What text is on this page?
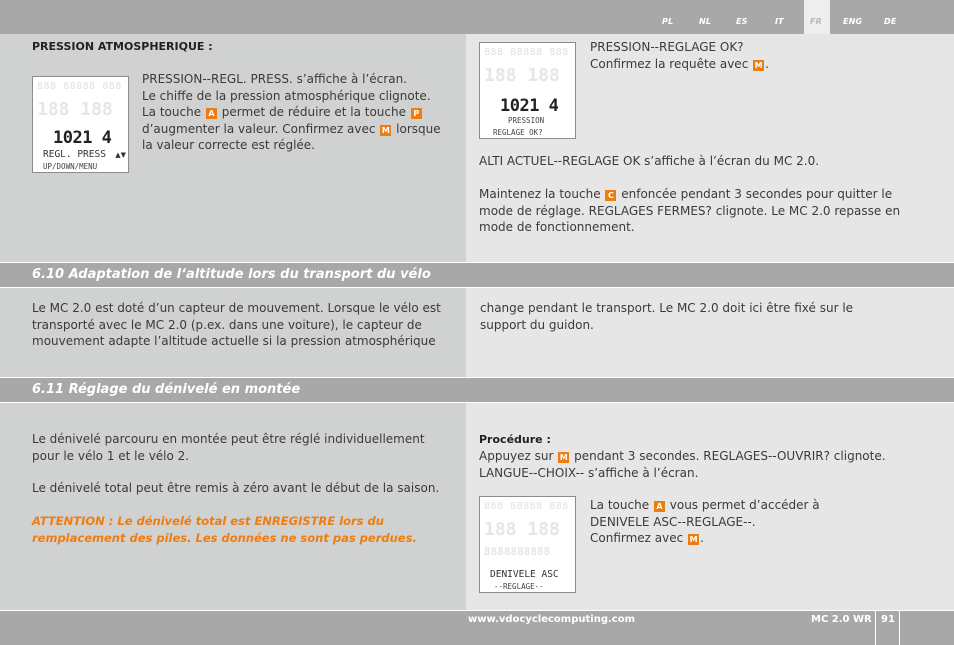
PL	NL	ES	IT	FR	ENG	DE
PRESSION ATMOSPHERIQUE :
888 88888 888
188 188
1021 4
REGL. PRESS
UP/DOWN/MENU
▲▼
PRESSION--REGL. PRESS. s’affiche à l’écran.
Le chiffe de la pression atmosphérique clignote.
La touche A permet de réduire et la touche P
d’augmenter la valeur. Confirmez avec M lorsque
la valeur correcte est réglée.
888 88888 888
188 188
1021 4
PRESSION
REGLAGE OK?
PRESSION--REGLAGE OK?
Confirmez la requête avec M .
ALTI ACTUEL--REGLAGE OK s’affiche à l’écran du MC 2.0.
Maintenez la touche C enfoncée pendant 3 secondes pour quitter le
mode de réglage. REGLAGES FERMES? clignote. Le MC 2.0 repasse en
mode de fonctionnement.
6.10 Adaptation de l‘altitude lors du transport du vélo
Le MC 2.0 est doté d’un capteur de mouvement. Lorsque le vélo est
transporté avec le MC 2.0 (p.ex. dans une voiture), le capteur de
mouvement adapte l’altitude actuelle si la pression atmosphérique
change pendant le transport. Le MC 2.0 doit ici être fixé sur le
support du guidon.
6.11 Réglage du dénivelé en montée
Le dénivelé parcouru en montée peut être réglé individuellement
pour le vélo 1 et le vélo 2.
Le dénivelé total peut être remis à zéro avant le début de la saison.
ATTENTION : Le dénivelé total est ENREGISTRE lors du
remplacement des piles. Les données ne sont pas perdues.
Procédure :
Appuyez sur M pendant 3 secondes. REGLAGES--OUVRIR? clignote.
LANGUE--CHOIX-- s’affiche à l’écran.
888 88888 888
188 188
8888888888
DENIVELE ASC
--REGLAGE--
La touche A vous permet d’accéder à
DENIVELE ASC--REGLAGE--.
Confirmez avec M .
www.vdocyclecomputing.com	MC 2.0 WR 91
